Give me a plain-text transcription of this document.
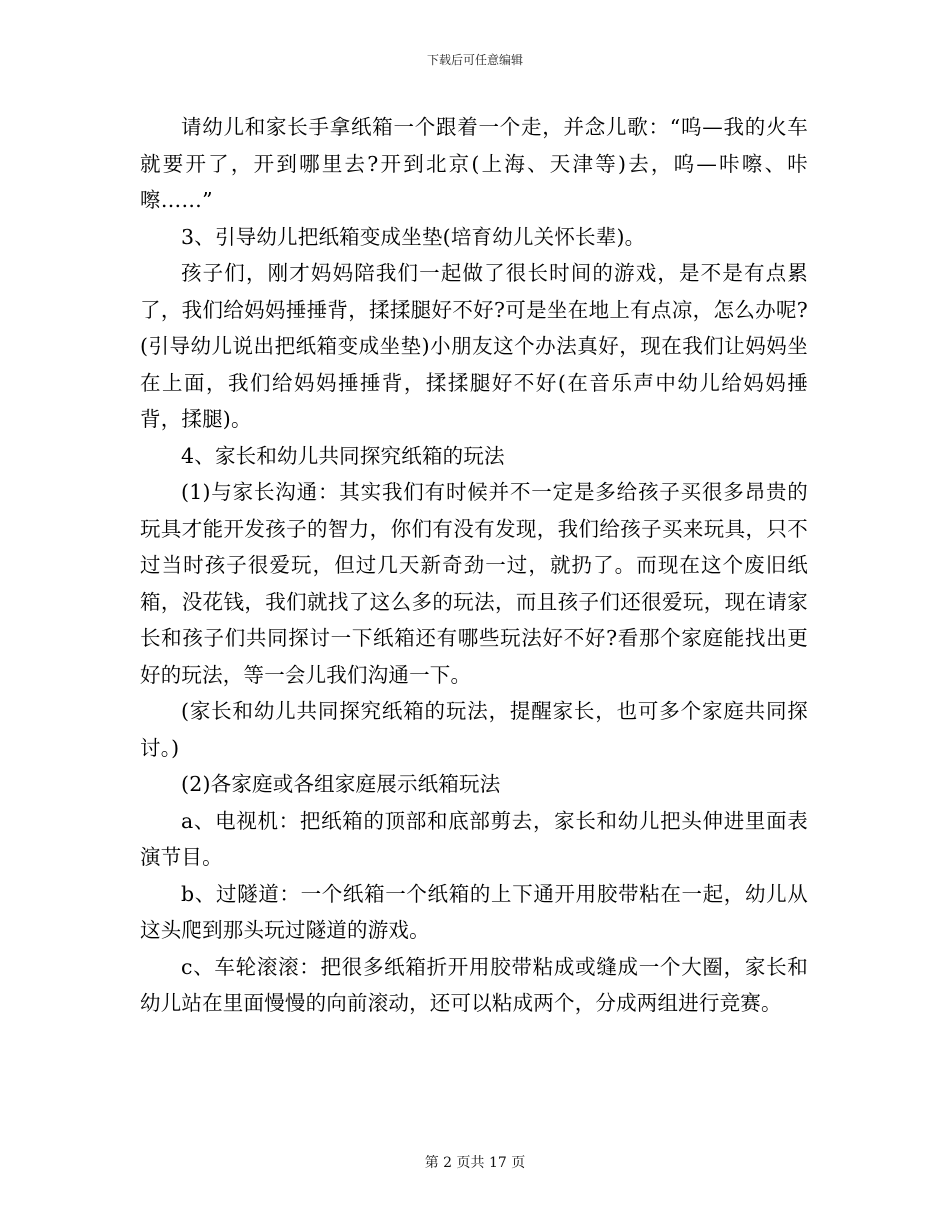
下载后可任意编辑

请幼儿和家长手拿纸箱一个跟着一个走，并念儿歌：“呜—我的火车就要开了，开到哪里去?开到北京(上海、天津等)去，呜—咔嚓、咔嚓……”

3、引导幼儿把纸箱变成坐垫(培育幼儿关怀长辈)。

孩子们，刚才妈妈陪我们一起做了很长时间的游戏，是不是有点累了，我们给妈妈捶捶背，揉揉腿好不好?可是坐在地上有点凉，怎么办呢?(引导幼儿说出把纸箱变成坐垫)小朋友这个办法真好，现在我们让妈妈坐在上面，我们给妈妈捶捶背，揉揉腿好不好(在音乐声中幼儿给妈妈捶背，揉腿)。

4、家长和幼儿共同探究纸箱的玩法

(1)与家长沟通：其实我们有时候并不一定是多给孩子买很多昂贵的玩具才能开发孩子的智力，你们有没有发现，我们给孩子买来玩具，只不过当时孩子很爱玩，但过几天新奇劲一过，就扔了。而现在这个废旧纸箱，没花钱，我们就找了这么多的玩法，而且孩子们还很爱玩，现在请家长和孩子们共同探讨一下纸箱还有哪些玩法好不好?看那个家庭能找出更好的玩法，等一会儿我们沟通一下。

(家长和幼儿共同探究纸箱的玩法，提醒家长，也可多个家庭共同探讨。)

(2)各家庭或各组家庭展示纸箱玩法

a、电视机：把纸箱的顶部和底部剪去，家长和幼儿把头伸进里面表演节目。

b、过隧道：一个纸箱一个纸箱的上下通开用胶带粘在一起，幼儿从这头爬到那头玩过隧道的游戏。

c、车轮滚滚：把很多纸箱折开用胶带粘成或缝成一个大圈，家长和幼儿站在里面慢慢的向前滚动，还可以粘成两个，分成两组进行竞赛。

第 2 页共 17 页
